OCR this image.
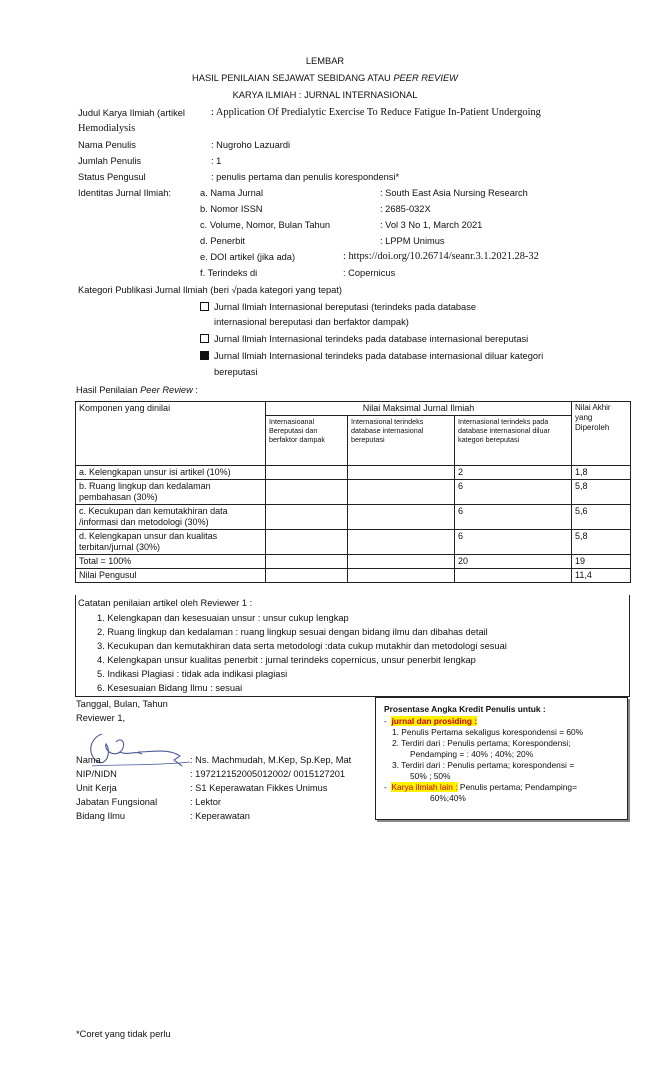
LEMBAR
HASIL PENILAIAN SEJAWAT SEBIDANG ATAU PEER REVIEW
KARYA ILMIAH : JURNAL INTERNASIONAL
Judul Karya Ilmiah (artikel	: Application Of Predialytic Exercise To Reduce Fatigue In-Patient Undergoing
Hemodialysis
Nama Penulis	: Nugroho Lazuardi
Jumlah Penulis	: 1
Status Pengusul	: penulis pertama dan penulis korespondensi*
Identitas Jurnal Ilmiah:	a. Nama Jurnal	: South East Asia Nursing Research
b. Nomor ISSN	: 2685-032X
c. Volume, Nomor, Bulan Tahun	: Vol 3 No 1, March 2021
d. Penerbit	: LPPM Unimus
e. DOI artikel (jika ada)	: https://doi.org/10.26714/seanr.3.1.2021.28-32
f. Terindeks di	: Copernicus
Kategori Publikasi Jurnal Ilmiah (beri √pada kategori yang tepat)
Jurnal Ilmiah Internasional bereputasi (terindeks pada database
internasional bereputasi dan berfaktor dampak)
Jurnal Ilmiah Internasional terindeks pada database internasional bereputasi
Jurnal Ilmiah Internasional terindeks pada database internasional diluar kategori
bereputasi
Hasil Penilaian Peer Review :
Komponen yang dinilai	Nilai Maksimal Jurnal Ilmiah			Nilai Akhir yang Diperoleh
	Internasioanal Bereputasi dan berfaktor dampak	Internasional terindeks database internasional bereputasi	Internasional terindeks pada database internasional diluar kategori bereputasi	
a. Kelengkapan unsur isi artikel (10%)			2	1,8
b. Ruang lingkup dan kedalaman pembahasan (30%)			6	5,8
c. Kecukupan dan kemutakhiran data /informasi dan metodologi (30%)			6	5,6
d. Kelengkapan unsur dan kualitas terbitan/jurnal (30%)			6	5,8
Total = 100%			20	19
Nilai Pengusul				11,4
Catatan penilaian artikel oleh Reviewer 1 :
1. Kelengkapan dan kesesuaian unsur : unsur cukup lengkap
2. Ruang lingkup dan kedalaman : ruang lingkup sesuai dengan bidang ilmu dan dibahas detail
3. Kecukupan dan kemutakhiran data serta metodologi :data cukup mutakhir dan metodologi sesuai
4. Kelengkapan unsur kualitas penerbit : jurnal terindeks copernicus, unsur penerbit lengkap
5. Indikasi Plagiasi : tidak ada indikasi plagiasi
6. Kesesuaian Bidang Ilmu : sesuai
Tanggal, Bulan, Tahun
Reviewer 1,
Nama	: Ns. Machmudah, M.Kep, Sp.Kep, Mat
NIP/NIDN	: 197212152005012002/ 0015127201
Unit Kerja	: S1 Keperawatan Fikkes Unimus
Jabatan Fungsional	: Lektor
Bidang Ilmu	: Keperawatan
Prosentase Angka Kredit Penulis untuk :
- jurnal dan prosiding :
1. Penulis Pertama sekaligus korespondensi = 60%
2. Terdiri dari : Penulis pertama; Korespondensi;
Pendamping = : 40% ; 40%; 20%
3. Terdiri dari : Penulis pertama; korespondensi =
50% ; 50%
- Karya ilmiah lain : Penulis pertama; Pendamping=
60%;40%
*Coret yang tidak perlu
